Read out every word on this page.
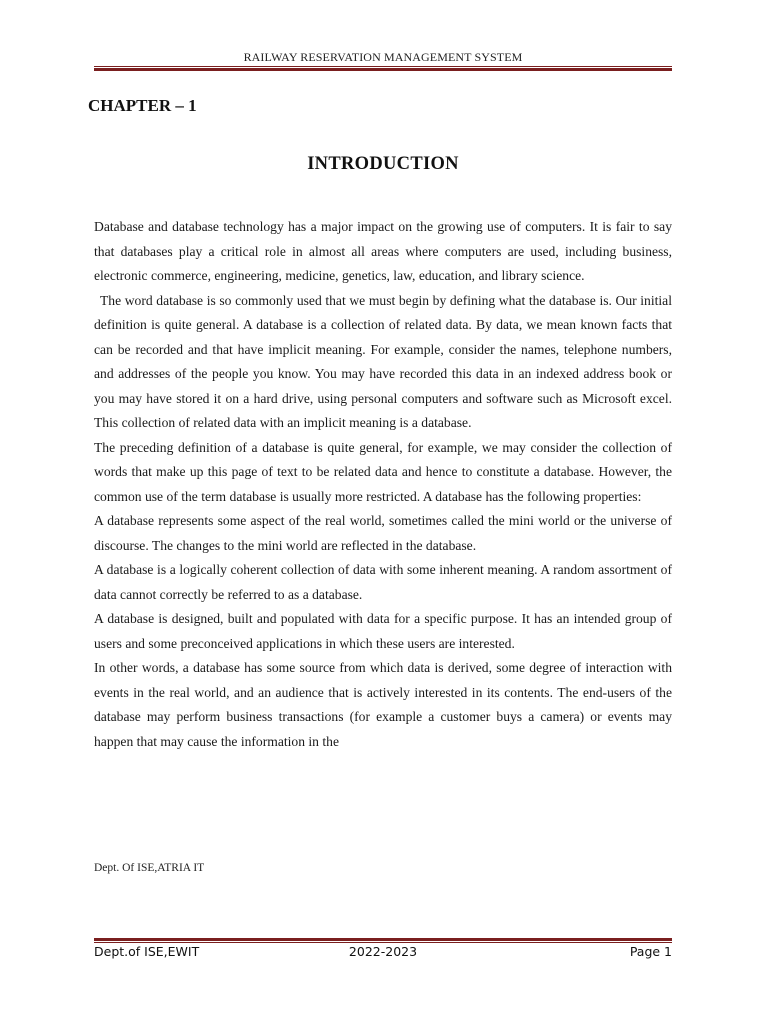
RAILWAY RESERVATION MANAGEMENT SYSTEM
CHAPTER – 1
INTRODUCTION

Database and database technology has a major impact on the growing use of computers. It is fair to say that databases play a critical role in almost all areas where computers are used, including business, electronic commerce, engineering, medicine, genetics, law, education, and library science.

The word database is so commonly used that we must begin by defining what the database is. Our initial definition is quite general. A database is a collection of related data. By data, we mean known facts that can be recorded and that have implicit meaning. For example, consider the names, telephone numbers, and addresses of the people you know. You may have recorded this data in an indexed address book or you may have stored it on a hard drive, using personal computers and software such as Microsoft excel. This collection of related data with an implicit meaning is a database.

The preceding definition of a database is quite general, for example, we may consider the collection of words that make up this page of text to be related data and hence to constitute a database. However, the common use of the term database is usually more restricted. A database has the following properties:

A database represents some aspect of the real world, sometimes called the mini world or the universe of discourse. The changes to the mini world are reflected in the database.

A database is a logically coherent collection of data with some inherent meaning. A random assortment of data cannot correctly be referred to as a database.

A database is designed, built and populated with data for a specific purpose. It has an intended group of users and some preconceived applications in which these users are interested.

In other words, a database has some source from which data is derived, some degree of interaction with events in the real world, and an audience that is actively interested in its contents. The end-users of the database may perform business transactions (for example a customer buys a camera) or events may happen that may cause the information in the

Dept. Of ISE,ATRIA IT
Dept.of ISE,EWIT	2022-2023	Page 1
